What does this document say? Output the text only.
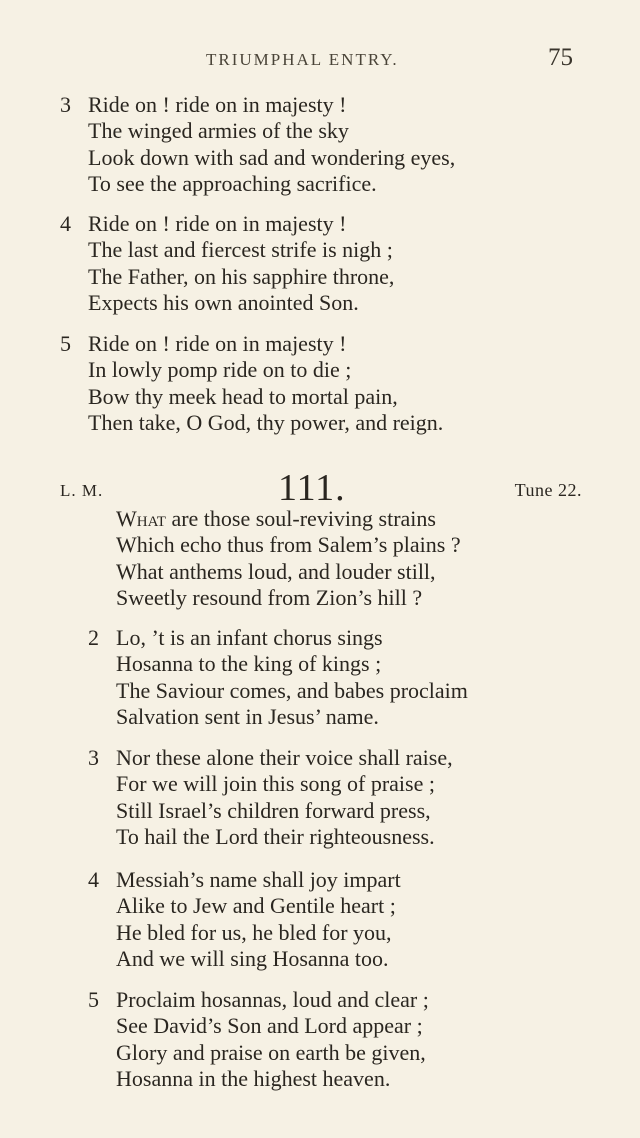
TRIUMPHAL ENTRY.	75
3 Ride on ! ride on in majesty !
The winged armies of the sky
Look down with sad and wondering eyes,
To see the approaching sacrifice.
4 Ride on ! ride on in majesty !
The last and fiercest strife is nigh ;
The Father, on his sapphire throne,
Expects his own anointed Son.
5 Ride on ! ride on in majesty !
In lowly pomp ride on to die ;
Bow thy meek head to mortal pain,
Then take, O God, thy power, and reign.
L. M.	111.	Tune 22.
What are those soul-reviving strains
Which echo thus from Salem’s plains ?
What anthems loud, and louder still,
Sweetly resound from Zion’s hill ?
2 Lo, ’t is an infant chorus sings
Hosanna to the king of kings ;
The Saviour comes, and babes proclaim
Salvation sent in Jesus’ name.
3 Nor these alone their voice shall raise,
For we will join this song of praise ;
Still Israel’s children forward press,
To hail the Lord their righteousness.
4 Messiah’s name shall joy impart
Alike to Jew and Gentile heart ;
He bled for us, he bled for you,
And we will sing Hosanna too.
5 Proclaim hosannas, loud and clear ;
See David’s Son and Lord appear ;
Glory and praise on earth be given,
Hosanna in the highest heaven.
